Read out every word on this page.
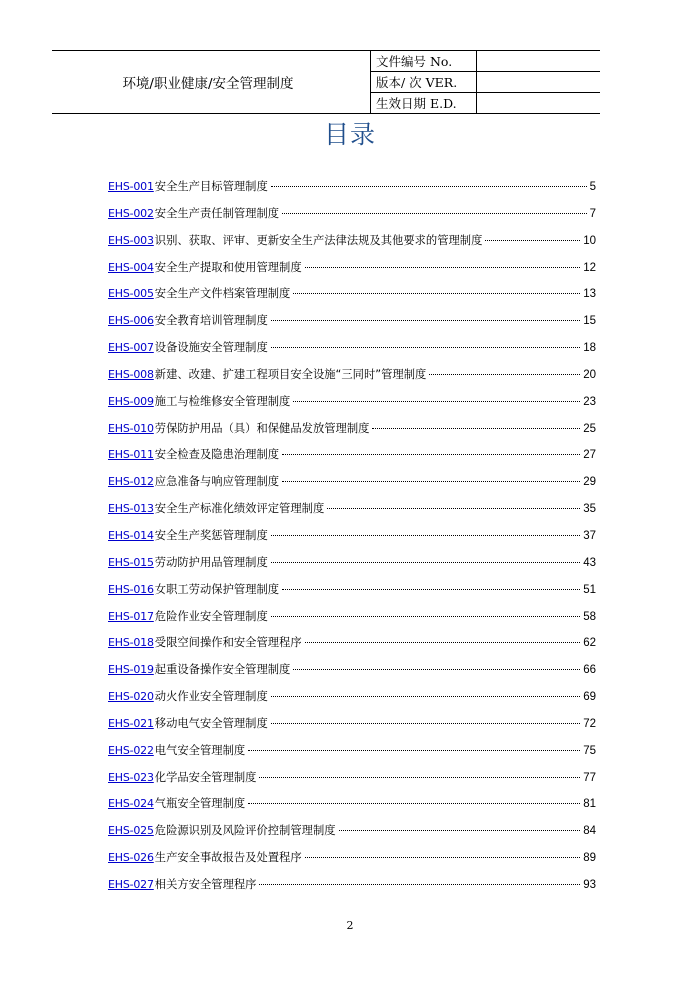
环境/职业健康/安全管理制度
文件编号 No.
版本/ 次 VER.
生效日期 E.D.
目录
EHS-001 安全生产目标管理制度	5
EHS-002 安全生产责任制管理制度	7
EHS-003 识别、获取、评审、更新安全生产法律法规及其他要求的管理制度	10
EHS-004 安全生产提取和使用管理制度	12
EHS-005 安全生产文件档案管理制度	13
EHS-006 安全教育培训管理制度	15
EHS-007 设备设施安全管理制度	18
EHS-008 新建、改建、扩建工程项目安全设施“三同时”管理制度	20
EHS-009 施工与检维修安全管理制度	23
EHS-010 劳保防护用品（具）和保健品发放管理制度	25
EHS-011 安全检查及隐患治理制度	27
EHS-012 应急准备与响应管理制度	29
EHS-013 安全生产标准化绩效评定管理制度	35
EHS-014 安全生产奖惩管理制度	37
EHS-015 劳动防护用品管理制度	43
EHS-016 女职工劳动保护管理制度	51
EHS-017 危险作业安全管理制度	58
EHS-018 受限空间操作和安全管理程序	62
EHS-019 起重设备操作安全管理制度	66
EHS-020 动火作业安全管理制度	69
EHS-021 移动电气安全管理制度	72
EHS-022 电气安全管理制度	75
EHS-023 化学品安全管理制度	77
EHS-024 气瓶安全管理制度	81
EHS-025 危险源识别及风险评价控制管理制度	84
EHS-026 生产安全事故报告及处置程序	89
EHS-027 相关方安全管理程序	93
2
